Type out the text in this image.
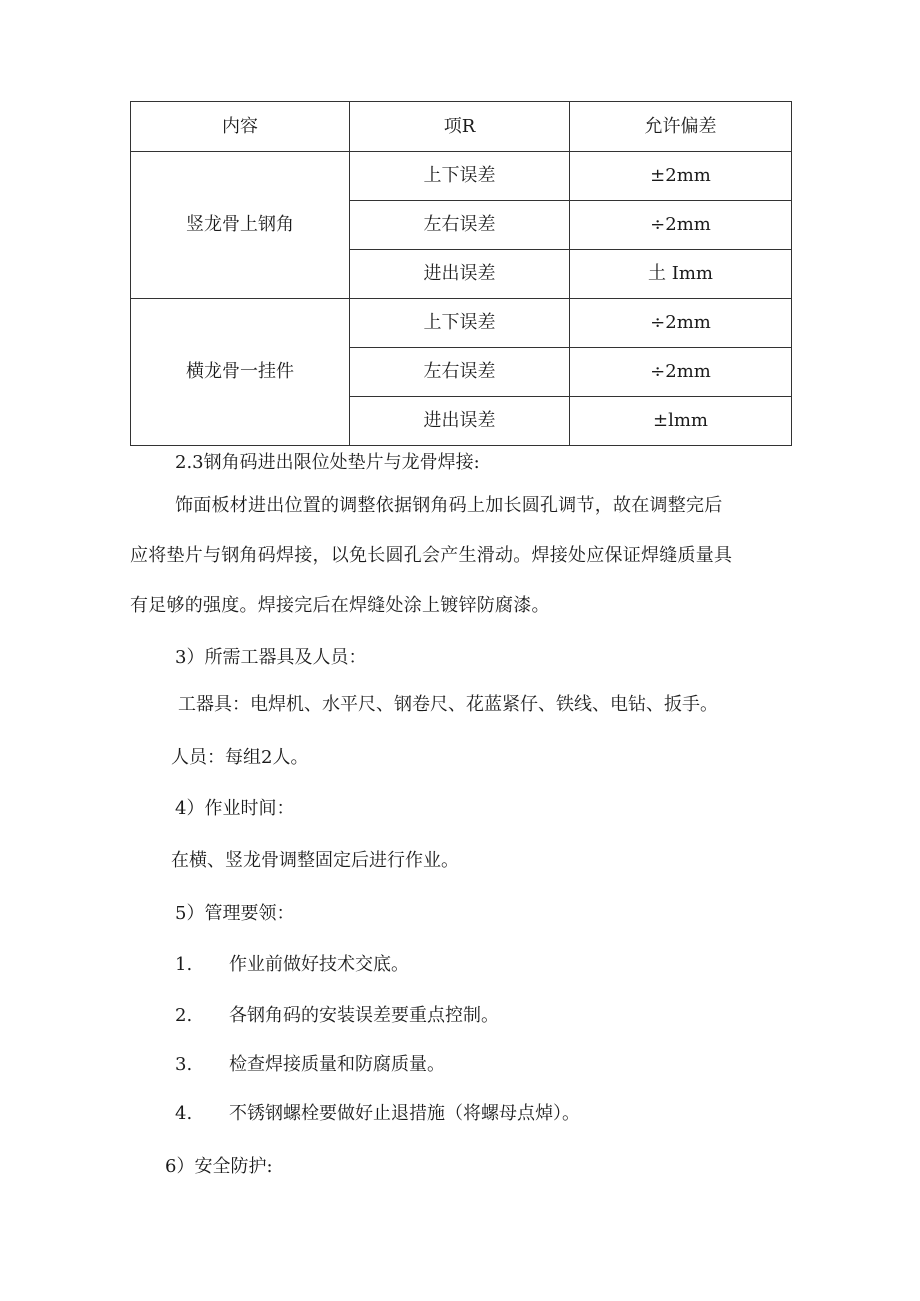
内容	项R	允许偏差
竖龙骨上钢角	上下误差	±2mm
	左右误差	÷2mm
	进出误差	土 Imm
横龙骨一挂件	上下误差	÷2mm
	左右误差	÷2mm
	进出误差	±lmm
2.3钢角码进出限位处垫片与龙骨焊接:
饰面板材进出位置的调整依据钢角码上加长圆孔调节，故在调整完后
应将垫片与钢角码焊接，以免长圆孔会产生滑动。焊接处应保证焊缝质量具
有足够的强度。焊接完后在焊缝处涂上镀锌防腐漆。
3）所需工器具及人员：
工器具：电焊机、水平尺、钢卷尺、花蓝紧仔、铁线、电钻、扳手。
人员：每组2人。
4）作业时间：
在横、竖龙骨调整固定后进行作业。
5）管理要领：
1. 作业前做好技术交底。
2. 各钢角码的安装误差要重点控制。
3. 检查焊接质量和防腐质量。
4. 不锈钢螺栓要做好止退措施（将螺母点焯）。
6）安全防护:
